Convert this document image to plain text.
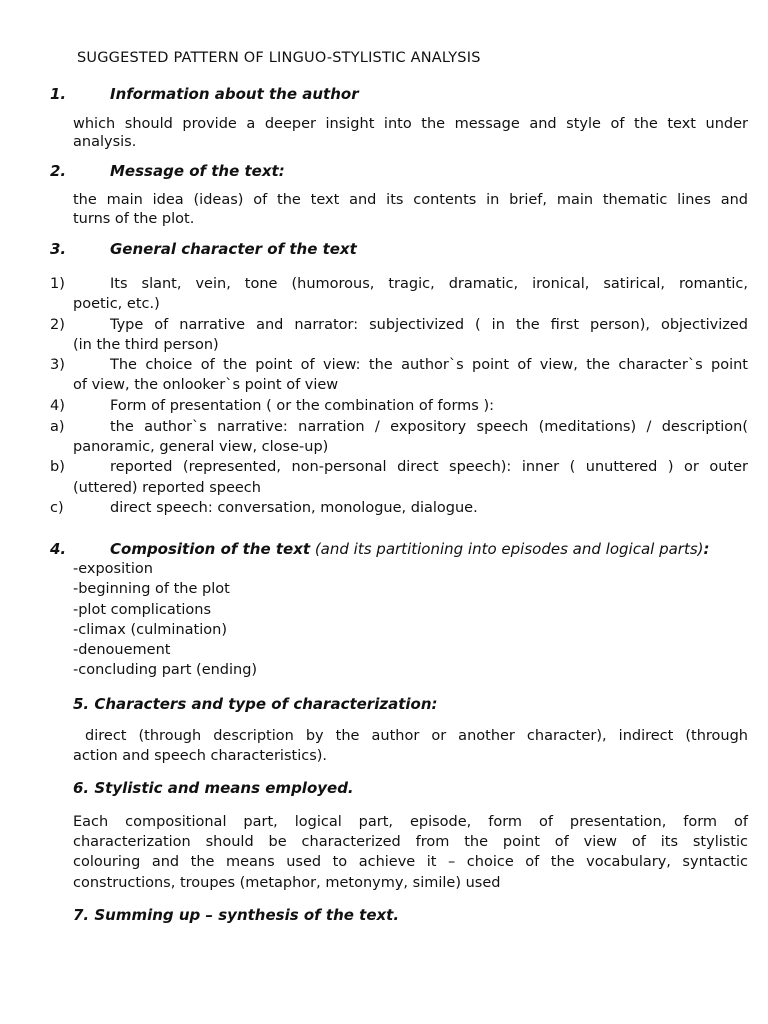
SUGGESTED PATTERN OF LINGUO-STYLISTIC ANALYSIS
1.	Information about the author
which should provide a deeper insight into the message and style of the text under
analysis.
2.	Message of the text:
the main idea (ideas) of the text and its contents in brief, main thematic lines and
turns of the plot.
3.	General character of the text
1)	Its slant, vein, tone (humorous, tragic, dramatic, ironical, satirical, romantic,
poetic, etc.)
2)	Type of narrative and narrator: subjectivized ( in the first person), objectivized
(in the third person)
3)	The choice of the point of view: the author`s point of view, the character`s point
of view, the onlooker`s point of view
4)	Form of presentation ( or the combination of forms ):
a)	the author`s narrative: narration / expository speech (meditations) / description(
panoramic, general view, close-up)
b)	reported (represented, non-personal direct speech): inner ( unuttered ) or outer
(uttered) reported speech
c)	direct speech: conversation, monologue, dialogue.
4.	Composition of the text (and its partitioning into episodes and logical parts):
-exposition
-beginning of the plot
-plot complications
-climax (culmination)
-denouement
-concluding part (ending)
5. Characters and type of characterization:
direct (through description by the author or another character), indirect (through
action and speech characteristics).
6. Stylistic and means employed.
Each compositional part, logical part, episode, form of presentation, form of
characterization should be characterized from the point of view of its stylistic
colouring and the means used to achieve it – choice of the vocabulary, syntactic
constructions, troupes (metaphor, metonymy, simile) used
7. Summing up – synthesis of the text.
